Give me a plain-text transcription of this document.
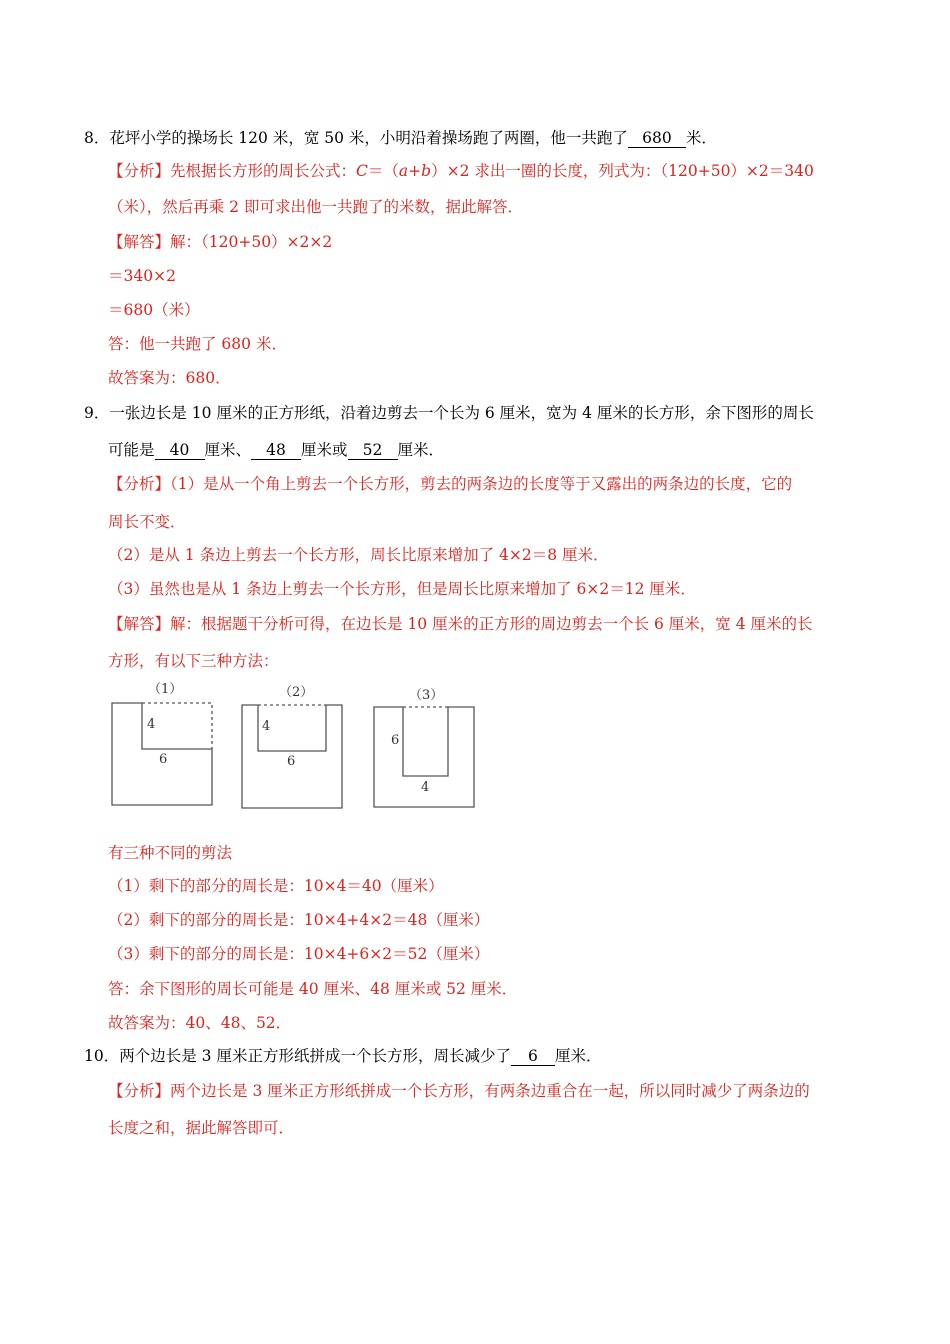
8．花坪小学的操场长 120 米，宽 50 米，小明沿着操场跑了两圈，他一共跑了 680 米．
【分析】先根据长方形的周长公式：C＝（a+b）×2 求出一圈的长度，列式为：（120+50）×2＝340
（米），然后再乘 2 即可求出他一共跑了的米数，据此解答．
【解答】解：（120+50）×2×2
＝340×2
＝680（米）
答：他一共跑了 680 米．
故答案为：680．
9．一张边长是 10 厘米的正方形纸，沿着边剪去一个长为 6 厘米，宽为 4 厘米的长方形，余下图形的周长
可能是 40 厘米、 48 厘米或 52 厘米．
【分析】（1）是从一个角上剪去一个长方形，剪去的两条边的长度等于又露出的两条边的长度，它的
周长不变．
（2）是从 1 条边上剪去一个长方形，周长比原来增加了 4×2＝8 厘米．
（3）虽然也是从 1 条边上剪去一个长方形，但是周长比原来增加了 6×2＝12 厘米．
【解答】解：根据题干分析可得，在边长是 10 厘米的正方形的周边剪去一个长 6 厘米，宽 4 厘米的长
方形，有以下三种方法：
（1）	（2）	（3）
4
6
4
6
6
4
有三种不同的剪法
（1）剩下的部分的周长是：10×4＝40（厘米）
（2）剩下的部分的周长是：10×4+4×2＝48（厘米）
（3）剩下的部分的周长是：10×4+6×2＝52（厘米）
答：余下图形的周长可能是 40 厘米、48 厘米或 52 厘米．
故答案为：40、48、52．
10．两个边长是 3 厘米正方形纸拼成一个长方形，周长减少了 6 厘米．
【分析】两个边长是 3 厘米正方形纸拼成一个长方形，有两条边重合在一起，所以同时减少了两条边的
长度之和，据此解答即可．
